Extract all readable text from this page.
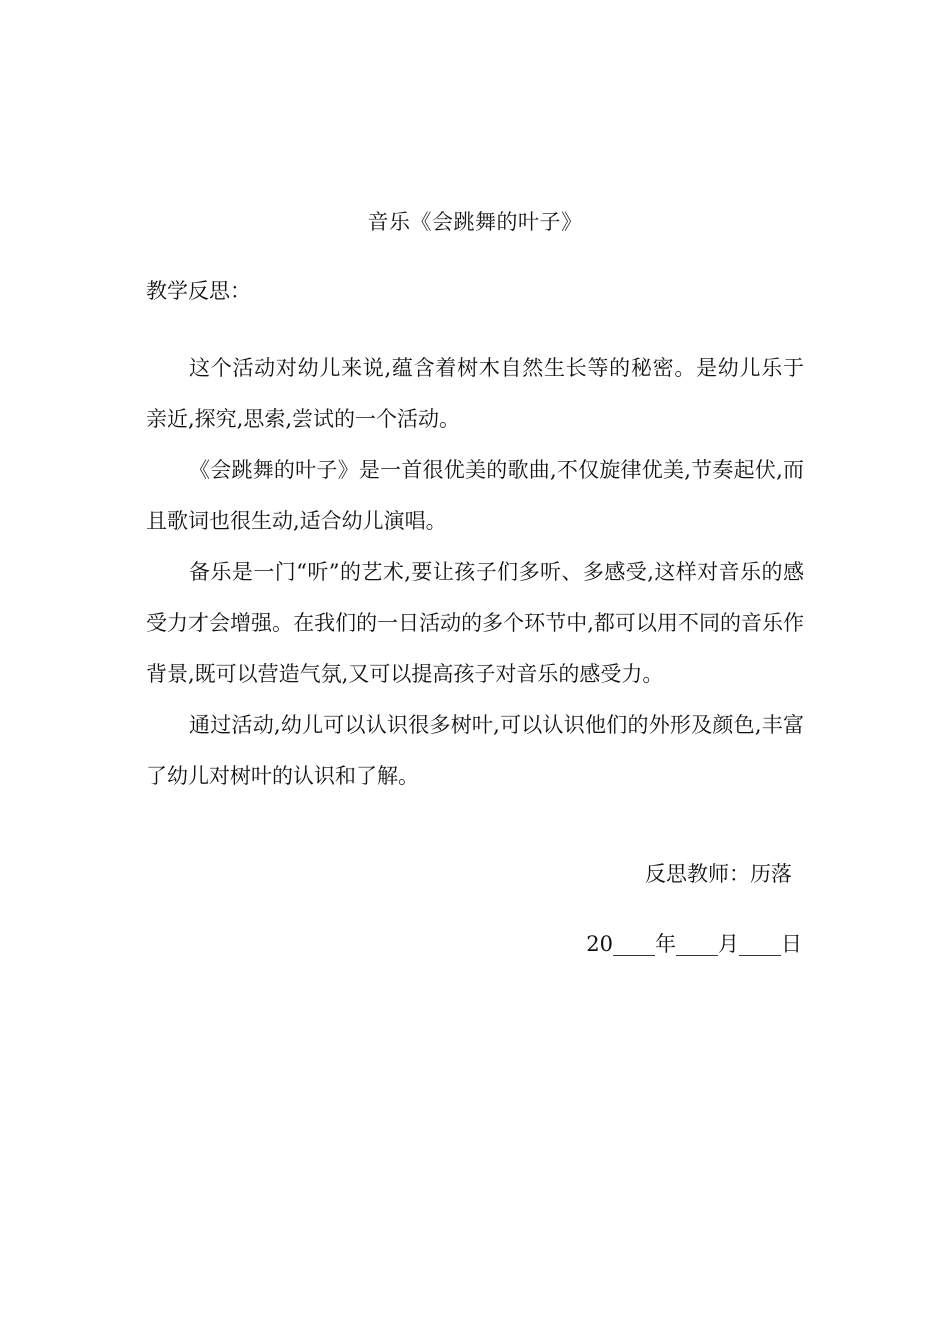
音乐《会跳舞的叶子》
教学反思：

这个活动对幼儿来说,蕴含着树木自然生长等的秘密。是幼儿乐于亲近,探究,思索,尝试的一个活动。

《会跳舞的叶子》是一首很优美的歌曲,不仅旋律优美,节奏起伏,而且歌词也很生动,适合幼儿演唱。

备乐是一门“听”的艺术,要让孩子们多听、多感受,这样对音乐的感受力才会增强。在我们的一日活动的多个环节中,都可以用不同的音乐作背景,既可以营造气氛,又可以提高孩子对音乐的感受力。

通过活动,幼儿可以认识很多树叶,可以认识他们的外形及颜色,丰富了幼儿对树叶的认识和了解。

反思教师：历落
20____年____月____日
